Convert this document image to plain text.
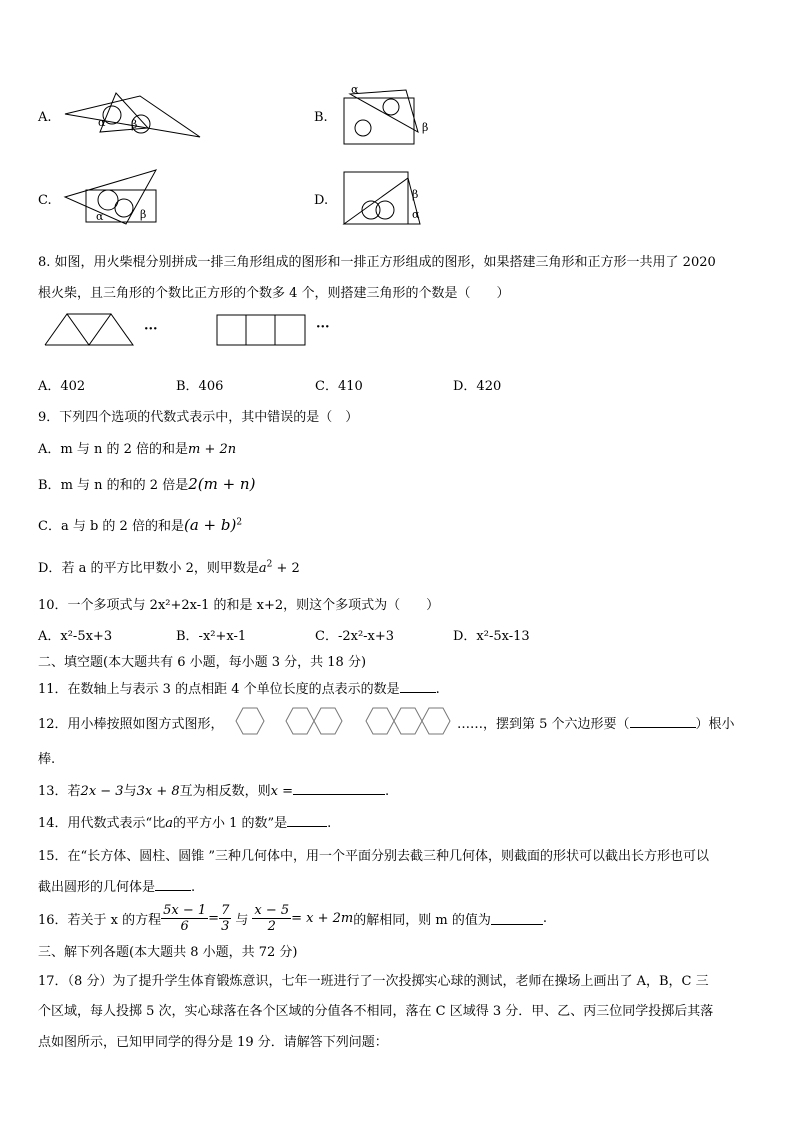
A.	α β	B.
α
β
C.
α	β
D.	β
α
8. 如图，用火柴棍分别拼成一排三角形组成的图形和一排正方形组成的图形，如果搭建三角形和正方形一共用了 2020
根火柴，且三角形的个数比正方形的个数多 4 个，则搭建三角形的个数是（　　）
···	···
A．402	B．406	C．410	D．420
9．下列四个选项的代数式表示中，其中错误的是（　）
A．m 与 n 的 2 倍的和是m + 2n
B．m 与 n 的和的 2 倍是2(m + n)
C．a 与 b 的 2 倍的和是$(a + b)^2$
D．若 a 的平方比甲数小 2，则甲数是$a^2 + 2$
10．一个多项式与 2x²+2x-1 的和是 x+2，则这个多项式为（　　）
A．x²-5x+3	B．-x²+x-1	C．-2x²-x+3	D．x²-5x-13
二、填空题(本大题共有 6 小题，每小题 3 分，共 18 分)
11．在数轴上与表示 3 的点相距 4 个单位长度的点表示的数是	.
12．用小棒按照如图方式图形，	……，摆到第 5 个六边形要（	）根小
棒.
13．若2x − 3与3x + 8互为相反数，则x =	.
14．用代数式表示“比a的平方小 1 的数”是	.
15．在“长方体、圆柱、圆锥 ”三种几何体中，用一个平面分别去截三种几何体，则截面的形状可以截出长方形也可以
截出圆形的几何体是	.
16．若关于 x 的方程 $\frac{5x - 1}{6} = \frac{7}{3}$ 与 $\frac{x - 5}{2} = x + 2m$ 的解相同，则 m 的值为	.
三、解下列各题(本大题共 8 小题，共 72 分)
17．（8 分）为了提升学生体育锻炼意识，七年一班进行了一次投掷实心球的测试，老师在操场上画出了 A，B，C 三
个区域，每人投掷 5 次，实心球落在各个区域的分值各不相同，落在 C 区域得 3 分．甲、乙、丙三位同学投掷后其落
点如图所示，已知甲同学的得分是 19 分．请解答下列问题：
